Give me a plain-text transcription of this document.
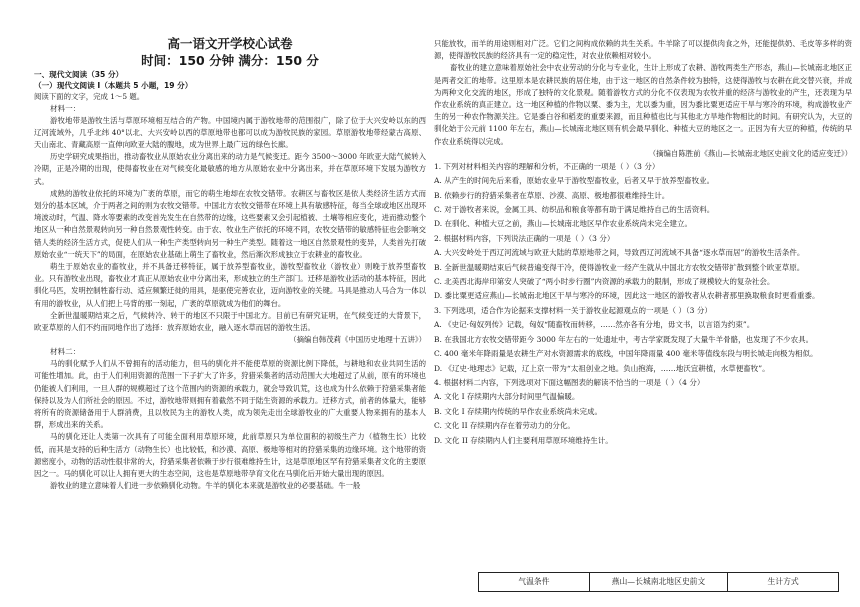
高一语文开学校心试卷
时间：150 分钟 满分：150 分
一、现代文阅读（35 分）
（一）现代文阅读 I（本题共 5 小题，19 分）
阅读下面的文字，完成 1～5 题。
材料一：

游牧地带是游牧生活与草原环境相互结合的产物。中国境内属于游牧地带的范围很广，除了位于大兴安岭以东的西辽河流域外，几乎北纬 40°以北、大兴安岭以西的草原地带也都可以成为游牧民族的家园。草原游牧地带经蒙古高原、天山南北、青藏高原一直伸向欧亚大陆的腹地，成为世界上最广远的绿色长廊。

历史学研究成果指出，推动畜牧业从原始农业分离出来的动力是气候变迁。距今 3500～3000 年欧亚大陆气候转入冷期，正是冷期的出现，使得畜牧业在对气候变化最敏感的地方从原始农业中分离出来，并在草原环境下发展为游牧方式。

成熟的游牧业依托的环境为广袤的草原，而它的萌生地却在农牧交错带。农耕区与畜牧区是依人类经济生活方式而划分的基本区域，介于两者之间的则为农牧交错带。中国北方农牧交错带在环境上具有敏感特征，每当全球或地区出现环境波动时，气温、降水等要素的改变首先发生在自然带的边缘，这些要素又会引起植被、土壤等相应变化，进而推动整个地区从一种自然景观转向另一种自然景观性转变。由于农、牧业生产依托的环境不同，农牧交错带的敏感特征也会影响交错人类的经济生活方式，促使人们从一种生产类型转向另一种生产类型。随着这一地区自然景观性的变异，人类首先打破原始农业“一统天下”的局面，在原始农业基础上萌生了畜牧业，然后渐次形成独立于农耕业的畜牧业。

萌生于原始农业的畜牧业，并不具备迁移特征，属于放养型畜牧业，游牧型畜牧业（游牧业）则晚于放养型畜牧业。只有游牧业出现，畜牧业才真正从原始农业中分离出来，形成独立的生产部门。迁移是游牧业活动的基本特征，因此驯化马匹，发明控制牲畜行动、适应频繁迁徙的用具，是驱使完善农业，迈向游牧业的关键。马具是推动人马合为一体以有用的游牧业，从人们把上马背的那一刻起，广袤的草原就成为他们的舞台。

全新世温暖期结束之后，气候转冷、转干的地区不只限于中国北方。目前已有研究证明，在气候变迁的大背景下，欧亚草原的人们不约而同地作出了选择：放弃原始农业，融入逐水草而居的游牧生活。

（摘编自韩茂莉《中国历史地理十五讲》）
材料二：

马的驯化赋予人们从不曾拥有的活动能力，但马的驯化并不能使草原的资源比例下降低，与耕地和农业共同生活的可能性增加。此，由于人们利用资源的范围一下子扩大了许多，狩猎采集者的活动范围大大地超过了从前，原有的环境也仍能被人们利用，一旦人群的规模超过了这个范围内的资源的承载力，就会导致讥荒，这也成为什么依赖于狩猎采集者能保持以及为人们所社会的原因。不过，游牧地带则拥有着截然不同于陆生资源的承载力。迁移方式，前者的体量大，能够将所有的资源储备用于人群消费，且以牧民为主的游牧人类，成为领先走出全球游牧业的广大重要人物来拥有的基本人群，形成出来的关系。

马的驯化还让人类第一次具有了可能全面利用草原环境，此前草原只为单位面积的初级生产力（植物生长）比较低，而其是支持的后种生活方（动物生长）也比较低，和沙漠、高原、极地等相对的狩猎采集的边缘环境。这个地带的资源密度小，动物的活动性很非常的大，狩猎采集者依赖于步行很难维持生计，这是草原地区罕有狩猎采集者文化的主要原因之一。马的驯化可以让人拥有更大的生态空间，这也是草原地带孕育文化在马驯化后开始大量出现的原因。

游牧业的建立意味着人们进一步依赖驯化动物。牛羊的驯化本来就是游牧业的必要基础。牛一般

只能放牧，而羊的用途则相对广泛。它们之间构成依赖的共生关系。牛羊除了可以提供肉食之外，还能提供奶、毛皮等多样的资源，使得游牧民族的经济具有一定的稳定性，对农业依赖相对较小。

畜牧业的建立意味着原始社会中农业劳动的分化与专业化，生计上形成了农耕、游牧两类生产形态，燕山—长城南北地区正是两者交汇的地带。这里原本是农耕民族的居住地，由于这一地区的自然条件较为独特，这使得游牧与农耕在此交替兴衰，并成为两种文化交流的地区，形成了独特的文化景观。随着游牧方式的分化不仅表现为农牧并重的经济与游牧业的产生，还表现为早作农业系统的真正建立。这一地区种植的作物以粟、黍为主，尤以黍为重，因为黍比粟更适应干旱与寒冷的环境，构成游牧业产生的另一种农作物源关注。它是黍白谷和稻麦的重要来源，而且种植也比与其他北方旱地作物相比的时间。有研究认为，大豆的驯化始于公元前 1100 年左右，燕山—长城南北地区则有机会最早驯化、种植大豆的地区之一。正因为有大豆的种植，传统的早作农业系统得以完成。

（摘编自陈胜前《燕山—长城南北地区史前文化的适应变迁》）
1. 下列对材料相关内容的理解和分析，不正确的一项是（ ）（3 分）
A. 从产生的时间先后来看，原始农业早于游牧型畜牧业，后者又早于放养型畜牧业。
B. 依赖步行的狩猎采集者在草原、沙漠、高原、极地都很难维持生计。
C. 对于游牧者来说，金属工具、纺织品和粮食等都有助于满足维持自己的生活资料。
D. 在驯化、种植大豆之前，燕山—长城南北地区早作农业系统尚未完全建立。
2. 根据材料内容，下列说法正确的一项是（ ）（3 分）
A. 大兴安岭处于西辽河流域与欧亚大陆的草原地带之间，导致西辽河流域不具备“逐水草而居”的游牧生活条件。
B. 全新世温暖期结束后气候普遍变得干冷，使得游牧业一经产生就从中国北方农牧交错带扩散到整个欧亚草原。
C. 北美西北海岸印第安人突破了“两小时步行圈”内资源的承载力的限制，形成了规模较大的复杂社会。
D. 黍比粟更适应燕山—长城南北地区干旱与寒冷的环境，因此这一地区的游牧者从农耕者那里换取粮食时更看重黍。
3. 下列选项，适合作为论据来支撑材料一关于游牧业起源观点的一项是（ ）（3 分）
A. 《史记·匈奴列传》记载，匈奴“随畜牧而转移，……然亦各有分地，毋文书，以言语为约束”。
B. 在我国北方农牧交错带距今 3000 年左右的一处遗址中，考古学家既发现了大量牛羊骨骼，也发现了不少农具。
C. 400 毫米年降雨量是农耕生产对水资源需求的底线，中国年降雨量 400 毫米等值线东段与明长城走向极为相似。
D. 《辽史·地理志》记载，辽上京一带为“太祖创业之地。负山抱海，……地沃宜耕植，水草便畜牧”。
4. 根据材料二内容，下列选项对下面这幅图表的解读不恰当的一项是（ ）（4 分）
A. 文化 I 存续期内大部分时间里气温偏暖。
B. 文化 I 存续期内传统的早作农业系统尚未完成。
C. 文化 II 存续期内存在着劳动力的分化。
D. 文化 II 存续期内人们主要利用草原环境维持生计。
气温条件	燕山—长城南北地区史前文	生计方式
